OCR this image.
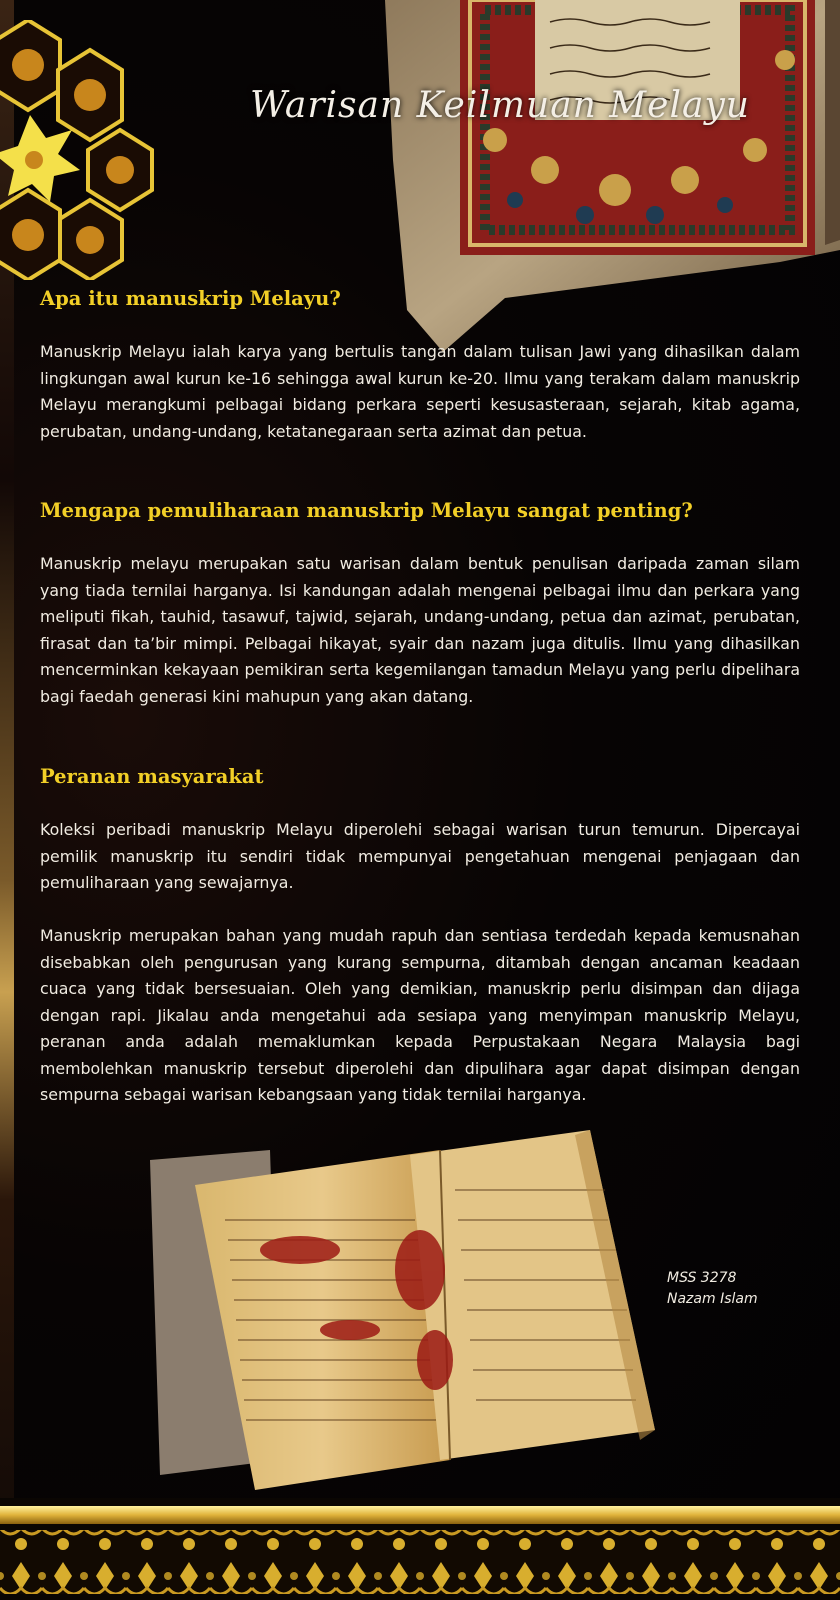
Warisan Keilmuan Melayu
Apa itu manuskrip Melayu?

Manuskrip Melayu ialah karya yang bertulis tangan dalam tulisan Jawi yang dihasilkan dalam lingkungan awal kurun ke-16 sehingga awal kurun ke-20. Ilmu yang terakam dalam manuskrip Melayu merangkumi pelbagai bidang perkara seperti kesusasteraan, sejarah, kitab agama, perubatan, undang-undang, ketatanegaraan serta azimat dan petua.

Mengapa pemuliharaan manuskrip Melayu sangat penting?

Manuskrip melayu merupakan satu warisan dalam bentuk penulisan daripada zaman silam yang tiada ternilai harganya. Isi kandungan adalah mengenai pelbagai ilmu dan perkara yang meliputi fikah, tauhid, tasawuf, tajwid, sejarah, undang-undang, petua dan azimat, perubatan, firasat dan ta’bir mimpi. Pelbagai hikayat, syair dan nazam juga ditulis. Ilmu yang dihasilkan mencerminkan kekayaan pemikiran serta kegemilangan tamadun Melayu yang perlu dipelihara bagi faedah generasi kini mahupun yang akan datang.

Peranan masyarakat

Koleksi peribadi manuskrip Melayu diperolehi sebagai warisan turun temurun. Dipercayai pemilik manuskrip itu sendiri tidak mempunyai pengetahuan mengenai penjagaan dan pemuliharaan yang sewajarnya.

Manuskrip merupakan bahan yang mudah rapuh dan sentiasa terdedah kepada kemusnahan disebabkan oleh pengurusan yang kurang sempurna, ditambah dengan ancaman keadaan cuaca yang tidak bersesuaian. Oleh yang demikian, manuskrip perlu disimpan dan dijaga dengan rapi. Jikalau anda mengetahui ada sesiapa yang menyimpan manuskrip Melayu, peranan anda adalah memaklumkan kepada Perpustakaan Negara Malaysia bagi membolehkan manuskrip tersebut diperolehi dan dipulihara agar dapat disimpan dengan sempurna sebagai warisan kebangsaan yang tidak ternilai harganya.

MSS 3278
Nazam Islam
